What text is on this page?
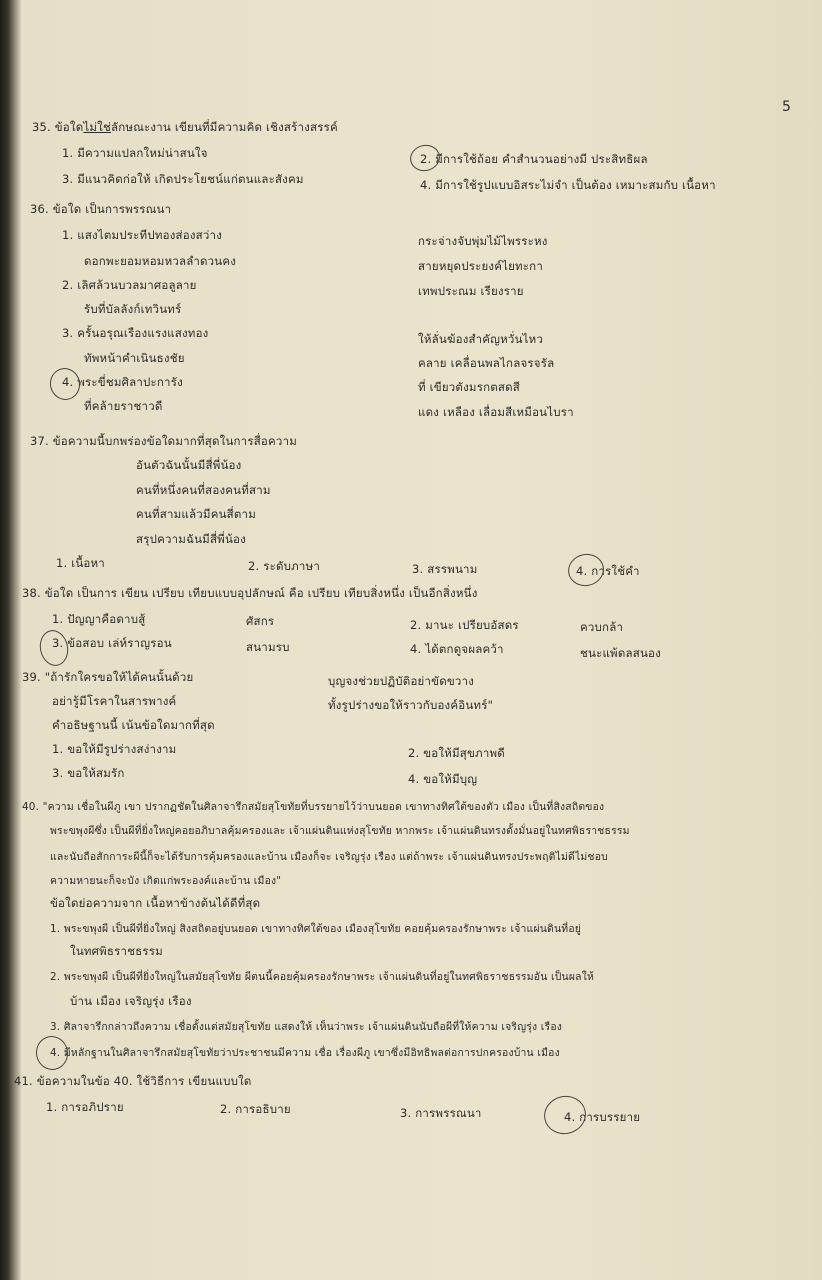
5
35. ข้อใดไม่ใช่ลักษณะงาน เขียนที่มีความคิด เชิงสร้างสรรค์
1. มีความแปลกใหม่น่าสนใจ	2. มีการใช้ถ้อย คำสำนวนอย่างมี ประสิทธิผล
3. มีแนวคิดก่อให้ เกิดประโยชน์แก่ตนและสังคม	4. มีการใช้รูปแบบอิสระไม่จำ เป็นต้อง เหมาะสมกับ เนื้อหา
36. ข้อใด เป็นการพรรณนา
1. แสงไตมประทีปทองส่องสว่าง	กระจ่างจับพุ่มไม้ไพรระหง
ดอกพะยอมหอมหวลลำดวนคง	สายหยุดประยงค์ไยทะกา
2. เลิศล้วนบวลมาศอลูลาย	เทพประณม เรียงราย
รับที่บัลลังก์เทวินทร์
3. ครั้นอรุณเรืองแรงแสงทอง	ให้ลั่นฆ้องสำคัญหวั่นไหว
ทัพหน้าคำเนินธงชัย	คลาย เคลื่อนพลไกลจรจรัล
4. พระขี่ชมศิลาปะการัง	ที่ เขียวตังมรกตสดสี
ที่คล้ายราชาวดี	แดง เหลือง เลื่อมสีเหมือนไบรา
37. ข้อความนี้บกพร่องข้อใดมากที่สุดในการสื่อความ
อันตัวฉันนั้นมีสี่พี่น้อง
คนที่หนึ่งคนที่สองคนที่สาม
คนที่สามแล้วมีคนสี่ตาม
สรุปความฉันมีสี่พี่น้อง
1. เนื้อหา	2. ระดับภาษา	3. สรรพนาม	4. การใช้คำ
38. ข้อใด เป็นการ เขียน เปรียบ เทียบแบบอุปลักษณ์ คือ เปรียบ เทียบสิ่งหนึ่ง เป็นอีกสิ่งหนึ่ง
1. ปัญญาคือดาบสู้	ศัสกร	2. มานะ เปรียบอัสดร	ควบกล้า
3. ข้อสอบ เล่ห์ราญรอน	สนามรบ	4. ได้ตกดูจผลคว้า	ชนะแพ้ดลสนอง
39. "ถ้ารักใครขอให้ได้คนนั้นด้วย	บุญจงช่วยปฏิบัติอย่าขัดขวาง
อย่ารู้มีโรคาในสารพางค์	ทั้งรูปร่างขอให้ราวกับองค์อินทร์"
คำอธิษฐานนี้ เน้นข้อใดมากที่สุด
1. ขอให้มีรูปร่างสง่างาม	2. ขอให้มีสุขภาพดี
3. ขอให้สมรัก	4. ขอให้มีบุญ
40. "ความ เชื่อในผีภู เขา ปรากฏชัดในศิลาจารึกสมัยสุโขทัยที่บรรยายไว้ว่าบนยอด เขาทางทิศใต้ของตัว เมือง เป็นที่สิงสถิตของ
พระขพุงผีซึ่ง เป็นผีที่ยิ่งใหญ่คอยอภิบาลคุ้มครองและ เจ้าแผ่นดินแห่งสุโขทัย หากพระ เจ้าแผ่นดินทรงตั้งมั่นอยู่ในทศพิธราชธรรม
และนับถือสักการะผีนี้ก็จะได้รับการคุ้มครองและบ้าน เมืองก็จะ เจริญรุ่ง เรือง แต่ถ้าพระ เจ้าแผ่นดินทรงประพฤติไม่ดีไม่ชอบ
ความหายนะก็จะบัง เกิดแก่พระองค์และบ้าน เมือง"
ข้อใดย่อความจาก เนื้อหาข้างต้นได้ดีที่สุด
1. พระขพุงผี เป็นผีที่ยิ่งใหญ่ สิงสถิตอยู่บนยอด เขาทางทิศใต้ของ เมืองสุโขทัย คอยคุ้มครองรักษาพระ เจ้าแผ่นดินที่อยู่
ในทศพิธราชธรรม
2. พระขพุงผี เป็นผีที่ยิ่งใหญ่ในสมัยสุโขทัย ผีตนนี้คอยคุ้มครองรักษาพระ เจ้าแผ่นดินที่อยู่ในทศพิธราชธรรมอัน เป็นผลให้
บ้าน เมือง เจริญรุ่ง เรือง
3. ศิลาจารึกกล่าวถึงความ เชื่อตั้งแต่สมัยสุโขทัย แสดงให้ เห็นว่าพระ เจ้าแผ่นดินนับถือผีที่ให้ความ เจริญรุ่ง เรือง
4. มีหลักฐานในศิลาจารึกสมัยสุโขทัยว่าประชาชนมีความ เชื่อ เรื่องผีภู เขาซึ่งมีอิทธิพลต่อการปกครองบ้าน เมือง
41. ข้อความในข้อ 40. ใช้วิธีการ เขียนแบบใด
1. การอภิปราย	2. การอธิบาย	3. การพรรณนา	4. การบรรยาย
